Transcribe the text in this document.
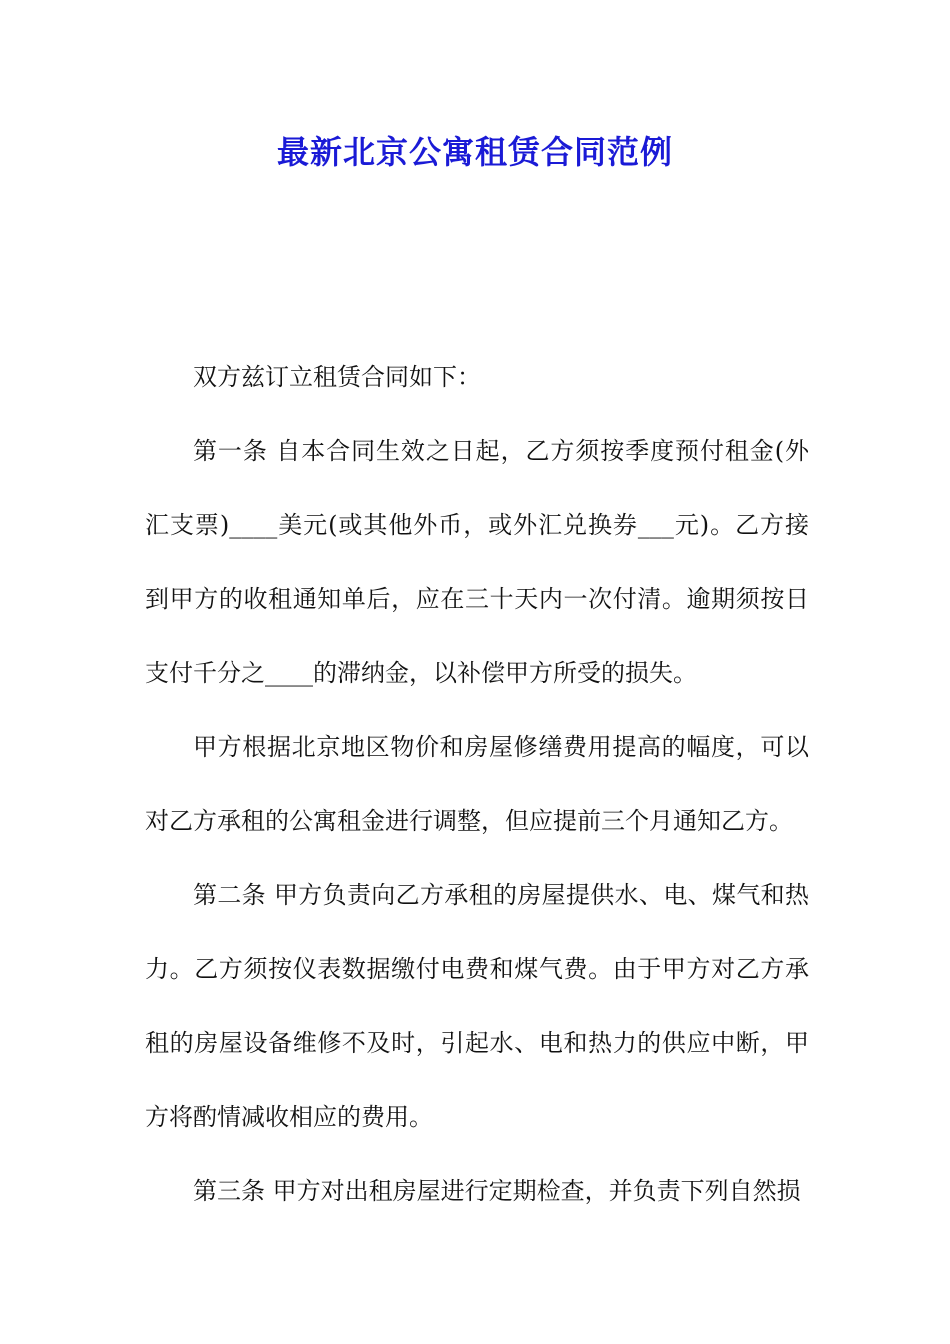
最新北京公寓租赁合同范例

双方兹订立租赁合同如下：

第一条 自本合同生效之日起，乙方须按季度预付租金(外汇支票)____美元(或其他外币，或外汇兑换券___元)。乙方接到甲方的收租通知单后，应在三十天内一次付清。逾期须按日支付千分之____的滞纳金，以补偿甲方所受的损失。

甲方根据北京地区物价和房屋修缮费用提高的幅度，可以对乙方承租的公寓租金进行调整，但应提前三个月通知乙方。

第二条 甲方负责向乙方承租的房屋提供水、电、煤气和热力。乙方须按仪表数据缴付电费和煤气费。由于甲方对乙方承租的房屋设备维修不及时，引起水、电和热力的供应中断，甲方将酌情减收相应的费用。

第三条 甲方对出租房屋进行定期检查，并负责下列自然损
